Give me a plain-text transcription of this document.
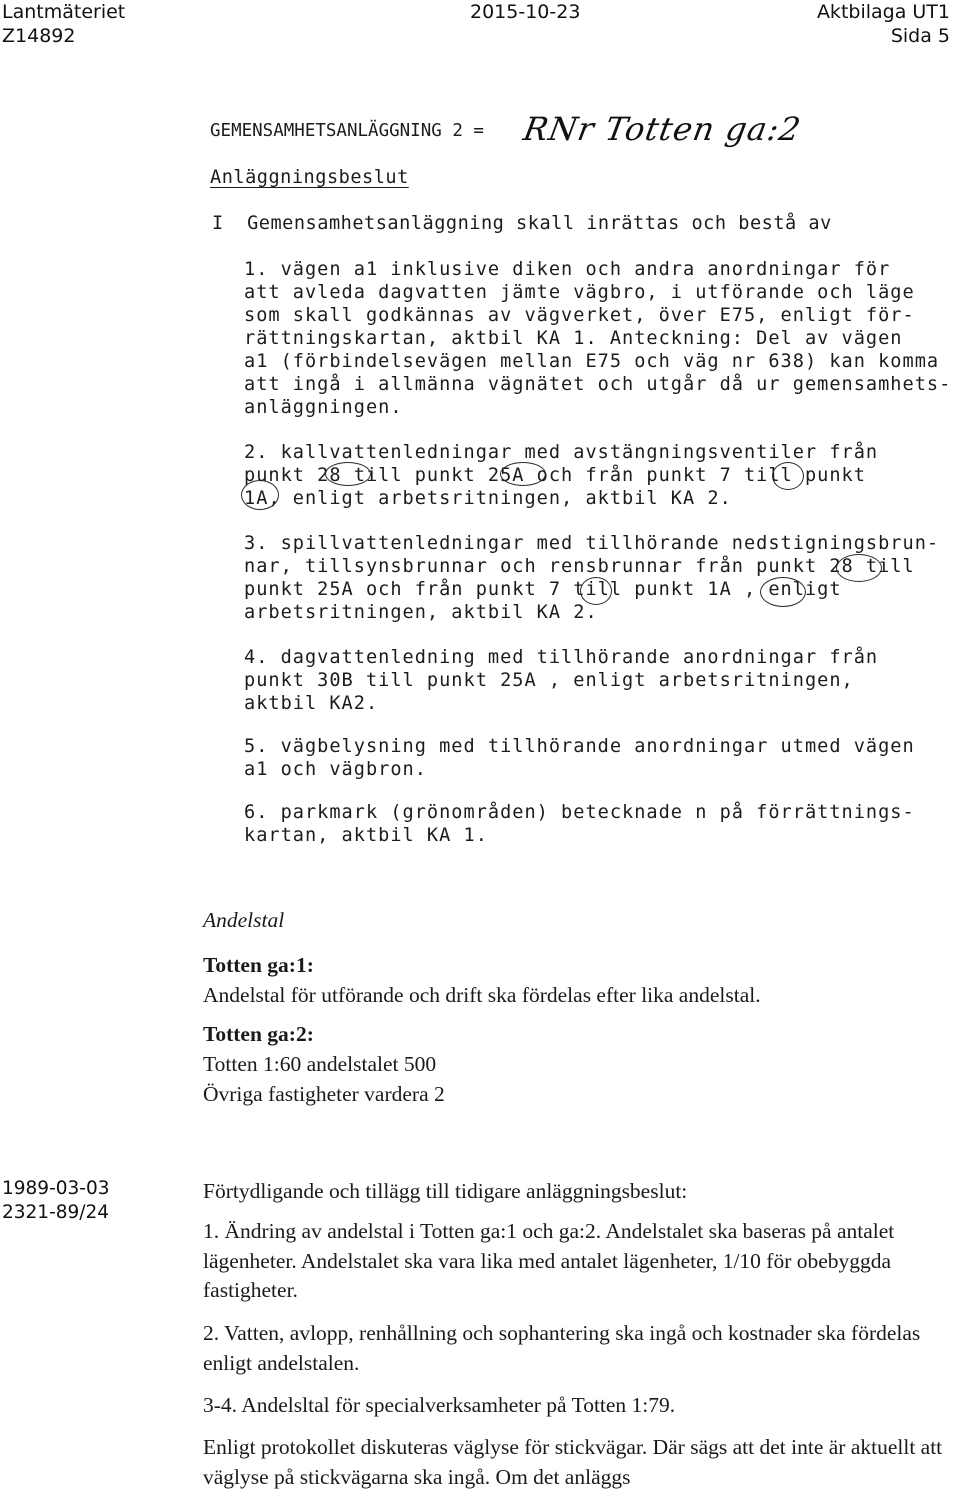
Lantmäteriet
Z14892
2015-10-23	Aktbilaga UT1
Sida 5
GEMENSAMHETSANLÄGGNING 2 = RNr Totten ga:2
Anläggningsbeslut
I  Gemensamhetsanläggning skall inrättas och bestå av
1. vägen a1 inklusive diken och andra anordningar för
att avleda dagvatten jämte vägbro, i utförande och läge
som skall godkännas av vägverket, över E75, enligt för-
rättningskartan, aktbil KA 1. Anteckning: Del av vägen
a1 (förbindelsevägen mellan E75 och väg nr 638) kan komma
att ingå i allmänna vägnätet och utgår då ur gemensamhets-
anläggningen.
2. kallvattenledningar med avstängningsventiler från
punkt 28 till punkt 25A och från punkt 7 till punkt
1A, enligt arbetsritningen, aktbil KA 2.
3. spillvattenledningar med tillhörande nedstigningsbrun-
nar, tillsynsbrunnar och rensbrunnar från punkt 28 till
punkt 25A och från punkt 7 till punkt 1A , enligt
arbetsritningen, aktbil KA 2.
4. dagvattenledning med tillhörande anordningar från
punkt 30B till punkt 25A , enligt arbetsritningen,
aktbil KA2.
5. vägbelysning med tillhörande anordningar utmed vägen
a1 och vägbron.
6. parkmark (grönområden) betecknade n på förrättnings-
kartan, aktbil KA 1.
Andelstal
Totten ga:1:
Andelstal för utförande och drift ska fördelas efter lika andelstal.
Totten ga:2:
Totten 1:60 andelstalet 500
Övriga fastigheter vardera 2
1989-03-03
2321-89/24
Förtydligande och tillägg till tidigare anläggningsbeslut:
1. Ändring av andelstal i Totten ga:1 och ga:2. Andelstalet ska baseras på antalet lägenheter. Andelstalet ska vara lika med antalet lägenheter, 1/10 för obebyggda fastigheter.
2. Vatten, avlopp, renhållning och sophantering ska ingå och kostnader ska fördelas enligt andelstalen.
3-4. Andelsltal för specialverksamheter på Totten 1:79.
Enligt protokollet diskuteras väglyse för stickvägar. Där sägs att det inte är aktuellt att väglyse på stickvägarna ska ingå. Om det anläggs
